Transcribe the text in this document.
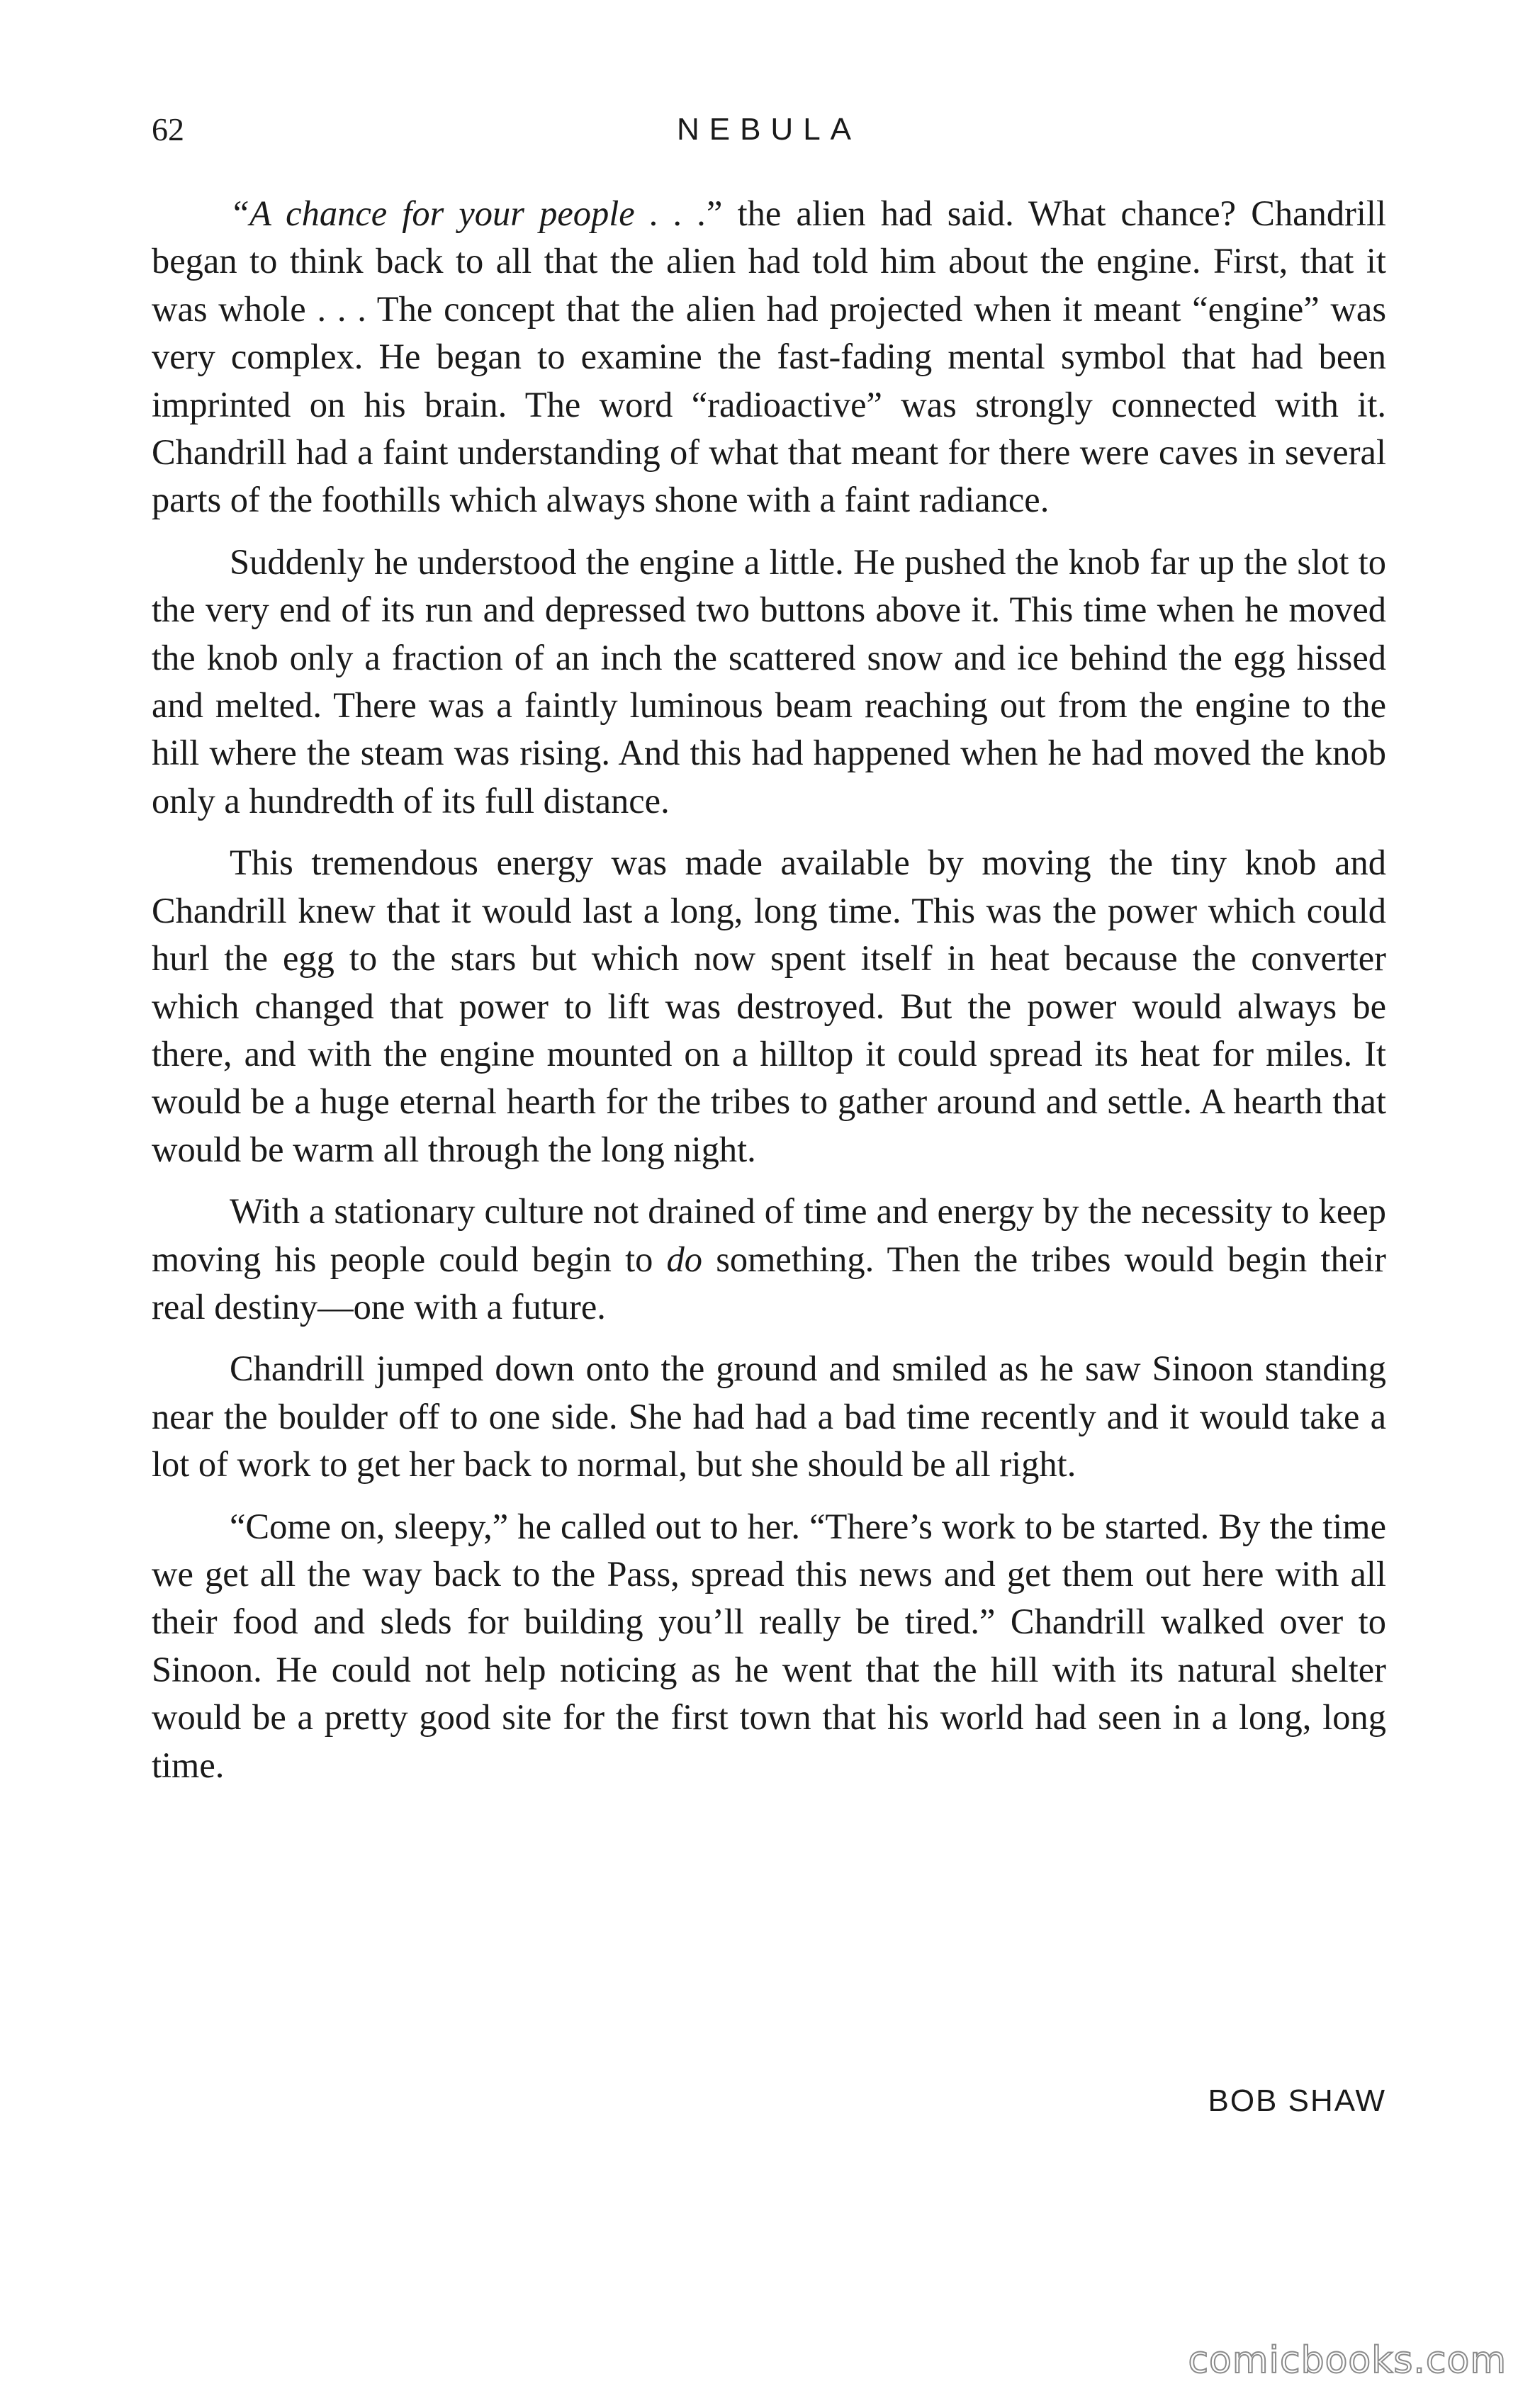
62	NEBULA

“A chance for your people . . .” the alien had said. What chance? Chandrill began to think back to all that the alien had told him about the engine. First, that it was whole . . . The concept that the alien had projected when it meant “engine” was very complex. He began to examine the fast-fading mental symbol that had been imprinted on his brain. The word “radioactive” was strongly connected with it. Chandrill had a faint understanding of what that meant for there were caves in several parts of the foothills which always shone with a faint radiance.

Suddenly he understood the engine a little. He pushed the knob far up the slot to the very end of its run and depressed two buttons above it. This time when he moved the knob only a fraction of an inch the scattered snow and ice behind the egg hissed and melted. There was a faintly luminous beam reaching out from the engine to the hill where the steam was rising. And this had happened when he had moved the knob only a hundredth of its full distance.

This tremendous energy was made available by moving the tiny knob and Chandrill knew that it would last a long, long time. This was the power which could hurl the egg to the stars but which now spent itself in heat because the converter which changed that power to lift was destroyed. But the power would always be there, and with the engine mounted on a hilltop it could spread its heat for miles. It would be a huge eternal hearth for the tribes to gather around and settle. A hearth that would be warm all through the long night.

With a stationary culture not drained of time and energy by the necessity to keep moving his people could begin to do something. Then the tribes would begin their real destiny—one with a future.

Chandrill jumped down onto the ground and smiled as he saw Sinoon standing near the boulder off to one side. She had had a bad time recently and it would take a lot of work to get her back to normal, but she should be all right.

“Come on, sleepy,” he called out to her. “There’s work to be started. By the time we get all the way back to the Pass, spread this news and get them out here with all their food and sleds for building you’ll really be tired.” Chandrill walked over to Sinoon. He could not help noticing as he went that the hill with its natural shelter would be a pretty good site for the first town that his world had seen in a long, long time.

BOB SHAW
comicbooks.com
